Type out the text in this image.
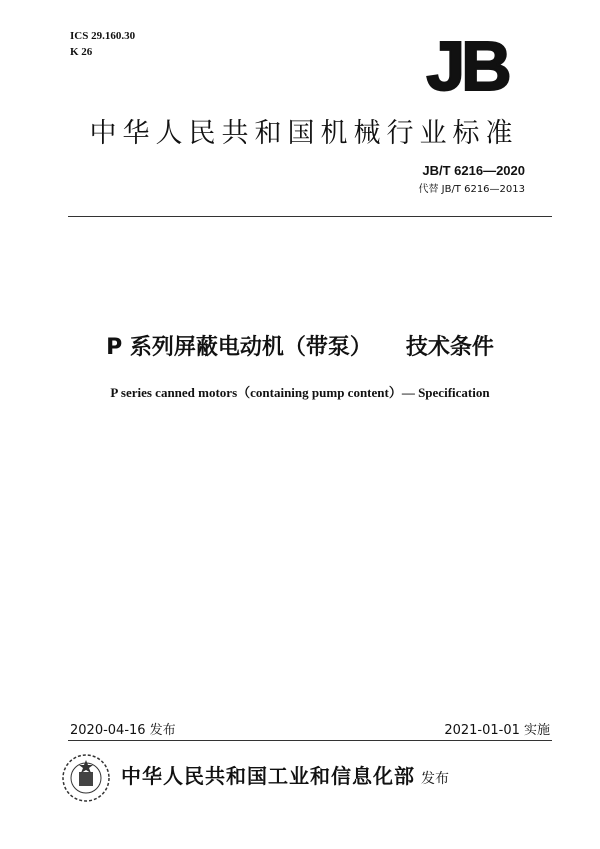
ICS 29.160.30
K 26	JB
中华人民共和国机械行业标准
JB/T 6216—2020
代替 JB/T 6216—2013
P 系列屏蔽电动机（带泵） 技术条件
P series canned motors（containing pump content）— Specification
2020-04-16 发布	2021-01-01 实施
中华人民共和国工业和信息化部 发布
